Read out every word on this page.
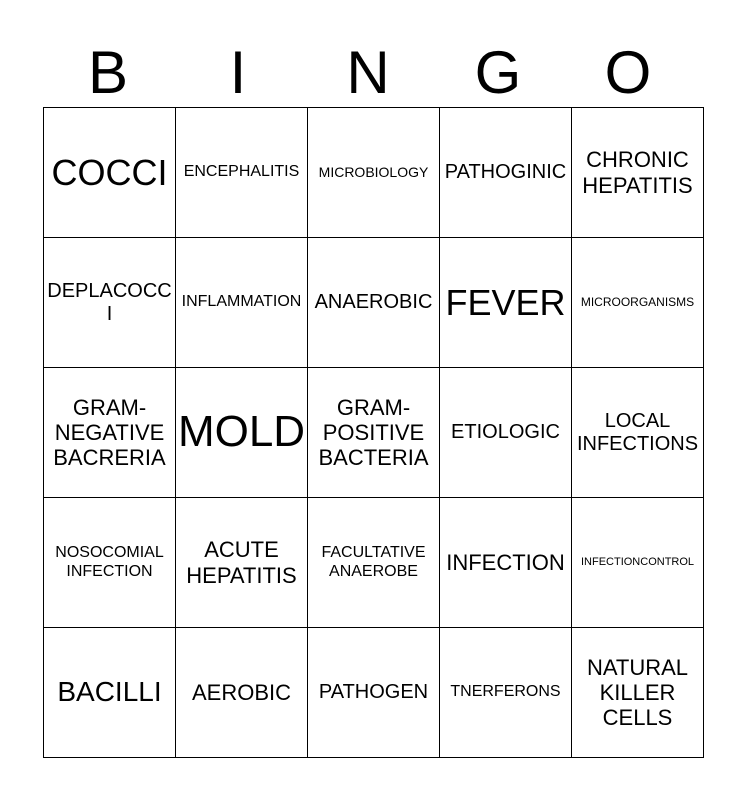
B	I	N	G	O
COCCI	ENCEPHALITIS	MICROBIOLOGY	PATHOGINIC	CHRONIC HEPATITIS
DEPLACOCCI	INFLAMMATION	ANAEROBIC	FEVER	MICROORGANISMS
GRAM-NEGATIVE BACRERIA	MOLD	GRAM-POSITIVE BACTERIA	ETIOLOGIC	LOCAL INFECTIONS
NOSOCOMIAL INFECTION	ACUTE HEPATITIS	FACULTATIVE ANAEROBE	INFECTION	INFECTIONCONTROL
BACILLI	AEROBIC	PATHOGEN	TNERFERONS	NATURAL KILLER CELLS
